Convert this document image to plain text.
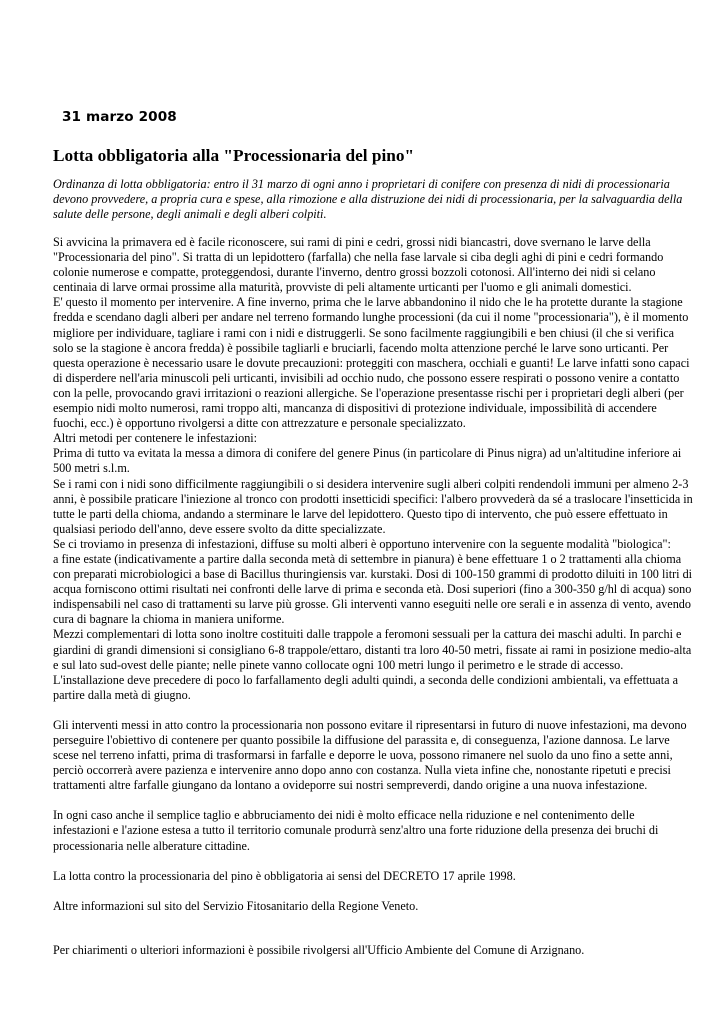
31 marzo 2008
Lotta obbligatoria alla "Processionaria del pino"

Ordinanza di lotta obbligatoria: entro il 31 marzo di ogni anno i proprietari di conifere con presenza di nidi di processionaria devono provvedere, a propria cura e spese, alla rimozione e alla distruzione dei nidi di processionaria, per la salvaguardia della salute delle persone, degli animali e degli alberi colpiti.

Si avvicina la primavera ed è facile riconoscere, sui rami di pini e cedri, grossi nidi biancastri, dove svernano le larve della "Processionaria del pino". Si tratta di un lepidottero (farfalla) che nella fase larvale si ciba degli aghi di pini e cedri formando colonie numerose e compatte, proteggendosi, durante l'inverno, dentro grossi bozzoli cotonosi. All'interno dei nidi si celano centinaia di larve ormai prossime alla maturità, provviste di peli altamente urticanti per l'uomo e gli animali domestici.

E' questo il momento per intervenire. A fine inverno, prima che le larve abbandonino il nido che le ha protette durante la stagione fredda e scendano dagli alberi per andare nel terreno formando lunghe processioni (da cui il nome "processionaria"), è il momento migliore per individuare, tagliare i rami con i nidi e distruggerli. Se sono facilmente raggiungibili e ben chiusi (il che si verifica solo se la stagione è ancora fredda) è possibile tagliarli e bruciarli, facendo molta attenzione perché le larve sono urticanti. Per questa operazione è necessario usare le dovute precauzioni: proteggiti con maschera, occhiali e guanti! Le larve infatti sono capaci di disperdere nell'aria minuscoli peli urticanti, invisibili ad occhio nudo, che possono essere respirati o possono venire a contatto con la pelle, provocando gravi irritazioni o reazioni allergiche. Se l'operazione presentasse rischi per i proprietari degli alberi (per esempio nidi molto numerosi, rami troppo alti, mancanza di dispositivi di protezione individuale, impossibilità di accendere fuochi, ecc.) è opportuno rivolgersi a ditte con attrezzature e personale specializzato.

Altri metodi per contenere le infestazioni:

Prima di tutto va evitata la messa a dimora di conifere del genere Pinus (in particolare di Pinus nigra) ad un'altitudine inferiore ai 500 metri s.l.m.

Se i rami con i nidi sono difficilmente raggiungibili o si desidera intervenire sugli alberi colpiti rendendoli immuni per almeno 2-3 anni, è possibile praticare l'iniezione al tronco con prodotti insetticidi specifici: l'albero provvederà da sé a traslocare l'insetticida in tutte le parti della chioma, andando a sterminare le larve del lepidottero. Questo tipo di intervento, che può essere effettuato in qualsiasi periodo dell'anno, deve essere svolto da ditte specializzate.

Se ci troviamo in presenza di infestazioni, diffuse su molti alberi è opportuno intervenire con la seguente modalità "biologica":

a fine estate (indicativamente a partire dalla seconda metà di settembre in pianura) è bene effettuare 1 o 2 trattamenti alla chioma con preparati microbiologici a base di Bacillus thuringiensis var. kurstaki. Dosi di 100-150 grammi di prodotto diluiti in 100 litri di acqua forniscono ottimi risultati nei confronti delle larve di prima e seconda età. Dosi superiori (fino a 300-350 g/hl di acqua) sono indispensabili nel caso di trattamenti su larve più grosse. Gli interventi vanno eseguiti nelle ore serali e in assenza di vento, avendo cura di bagnare la chioma in maniera uniforme.

Mezzi complementari di lotta sono inoltre costituiti dalle trappole a feromoni sessuali per la cattura dei maschi adulti. In parchi e giardini di grandi dimensioni si consigliano 6-8 trappole/ettaro, distanti tra loro 40-50 metri, fissate ai rami in posizione medio-alta e sul lato sud-ovest delle piante; nelle pinete vanno collocate ogni 100 metri lungo il perimetro e le strade di accesso.

L'installazione deve precedere di poco lo farfallamento degli adulti quindi, a seconda delle condizioni ambientali, va effettuata a partire dalla metà di giugno.

Gli interventi messi in atto contro la processionaria non possono evitare il ripresentarsi in futuro di nuove infestazioni, ma devono perseguire l'obiettivo di contenere per quanto possibile la diffusione del parassita e, di conseguenza, l'azione dannosa. Le larve scese nel terreno infatti, prima di trasformarsi in farfalle e deporre le uova, possono rimanere nel suolo da uno fino a sette anni, perciò occorrerà avere pazienza e intervenire anno dopo anno con costanza. Nulla vieta infine che, nonostante ripetuti e precisi trattamenti altre farfalle giungano da lontano a ovideporre sui nostri sempreverdi, dando origine a una nuova infestazione.

In ogni caso anche il semplice taglio e abbruciamento dei nidi è molto efficace nella riduzione e nel contenimento delle infestazioni e l'azione estesa a tutto il territorio comunale produrrà senz'altro una forte riduzione della presenza dei bruchi di processionaria nelle alberature cittadine.

La lotta contro la processionaria del pino è obbligatoria ai sensi del DECRETO 17 aprile 1998.

Altre informazioni sul sito del Servizio Fitosanitario della Regione Veneto.

Per chiarimenti o ulteriori informazioni è possibile rivolgersi all'Ufficio Ambiente del Comune di Arzignano.
